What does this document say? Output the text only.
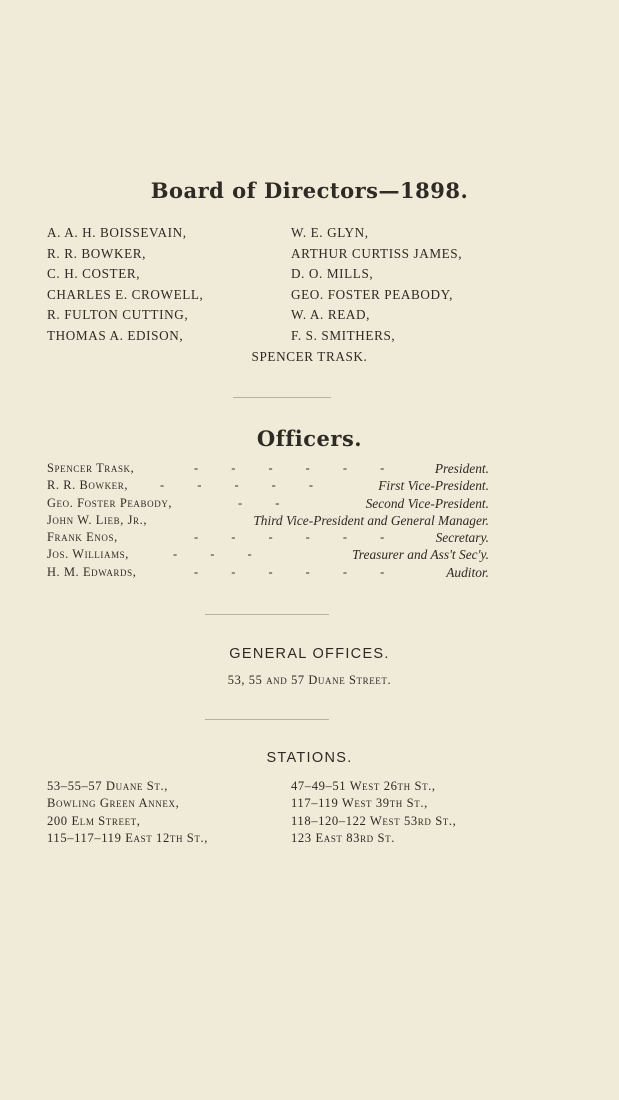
Board of Directors—1898.
A. A. H. BOISSEVAIN,	W. E. GLYN,
R. R. BOWKER,	ARTHUR CURTISS JAMES,
C. H. COSTER,	D. O. MILLS,
CHARLES E. CROWELL,	GEO. FOSTER PEABODY,
R. FULTON CUTTING,	W. A. READ,
THOMAS A. EDISON,	F. S. SMITHERS,
SPENCER TRASK.
Officers.
Spencer Trask,	- - - - - -	President.
R. R. Bowker,	- - - - -	First Vice-President.
Geo. Foster Peabody,	- -	Second Vice-President.
John W. Lieb, Jr.,	Third Vice-President and General Manager.
Frank Enos,	- - - - - -	Secretary.
Jos. Williams,	- - -	Treasurer and Ass't Sec'y.
H. M. Edwards,	- - - - - -	Auditor.
GENERAL OFFICES.
53, 55 and 57 Duane Street.
STATIONS.
53–55–57 Duane St.,	47–49–51 West 26th St.,
Bowling Green Annex,	117–119 West 39th St.,
200 Elm Street,	118–120–122 West 53rd St.,
115–117–119 East 12th St.,	123 East 83rd St.
